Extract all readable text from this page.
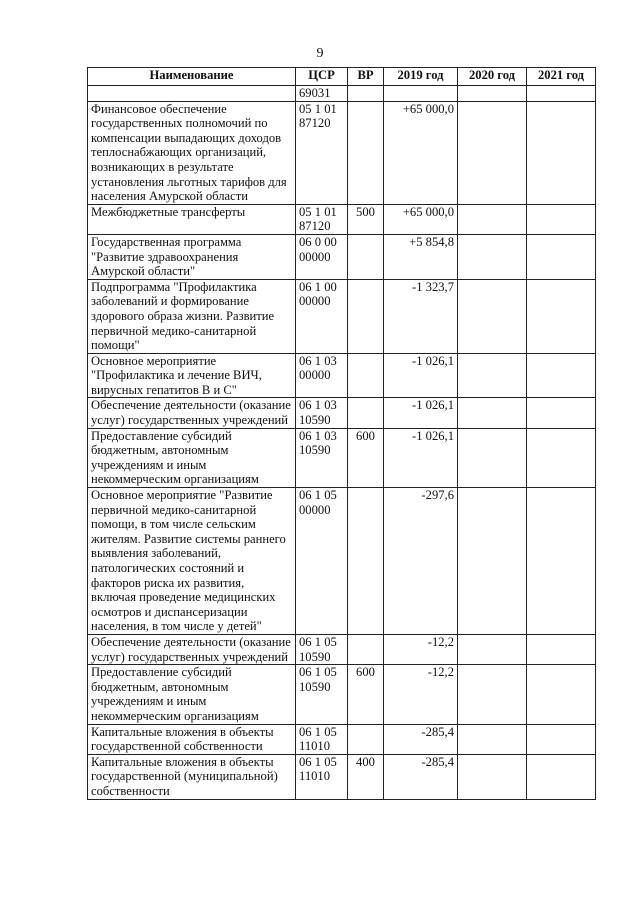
9
Наименование	ЦСР	ВР	2019 год	2020 год	2021 год
	69031				
Финансовое обеспечение государственных полномочий по компенсации выпадающих доходов теплоснабжающих организаций, возникающих в результате установления льготных тарифов для населения Амурской области	05 1 01 87120		+65 000,0		
Межбюджетные трансферты	05 1 01 87120	500	+65 000,0		
Государственная программа "Развитие здравоохранения Амурской области"	06 0 00 00000		+5 854,8		
Подпрограмма "Профилактика заболеваний и формирование здорового образа жизни. Развитие первичной медико-санитарной помощи"	06 1 00 00000		-1 323,7		
Основное мероприятие "Профилактика и лечение ВИЧ, вирусных гепатитов В и С"	06 1 03 00000		-1 026,1		
Обеспечение деятельности (оказание услуг) государственных учреждений	06 1 03 10590		-1 026,1		
Предоставление субсидий бюджетным, автономным учреждениям и иным некоммерческим организациям	06 1 03 10590	600	-1 026,1		
Основное мероприятие "Развитие первичной медико-санитарной помощи, в том числе сельским жителям. Развитие системы раннего выявления заболеваний, патологических состояний и факторов риска их развития, включая проведение медицинских осмотров и диспансеризации населения, в том числе у детей"	06 1 05 00000		-297,6		
Обеспечение деятельности (оказание услуг) государственных учреждений	06 1 05 10590		-12,2		
Предоставление субсидий бюджетным, автономным учреждениям и иным некоммерческим организациям	06 1 05 10590	600	-12,2		
Капитальные вложения в объекты государственной собственности	06 1 05 11010		-285,4		
Капитальные вложения в объекты государственной (муниципальной) собственности	06 1 05 11010	400	-285,4		
